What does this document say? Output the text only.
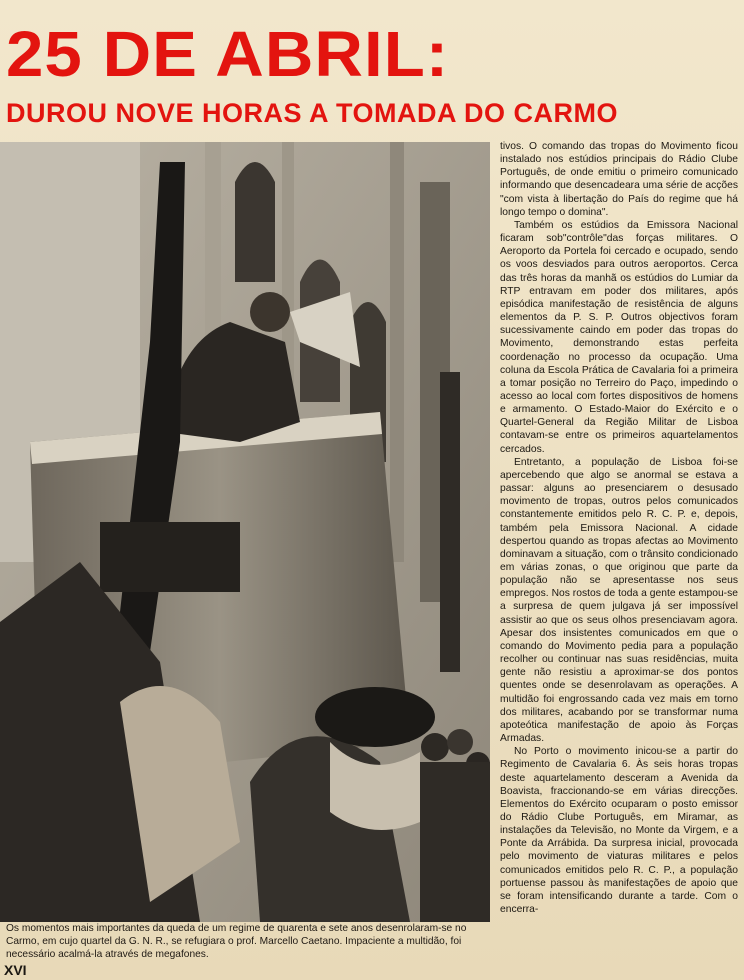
25 DE ABRIL:
DUROU NOVE HORAS A TOMADA DO CARMO

Os momentos mais importantes da queda de um regime de quarenta e sete anos desenrolaram-se no Carmo, em cujo quartel da G. N. R., se refugiara o prof. Marcello Caetano. Impaciente a multidão, foi necessário acalmá-la através de megafones.

XVI

tivos. O comando das tropas do Movimento ficou instalado nos estúdios principais do Rádio Clube Português, de onde emitiu o primeiro comunicado informando que desencadeara uma série de acções "com vista à libertação do País do regime que há longo tempo o domina".

Também os estúdios da Emissora Nacional ficaram sob"contrôle"das forças militares. O Aeroporto da Portela foi cercado e ocupado, sendo os voos desviados para outros aeroportos. Cerca das três horas da manhã os estúdios do Lumiar da RTP entravam em poder dos militares, após episódica manifestação de resistência de alguns elementos da P. S. P. Outros objectivos foram sucessivamente caindo em poder das tropas do Movimento, demonstrando estas perfeita coordenação no processo da ocupação. Uma coluna da Escola Prática de Cavalaria foi a primeira a tomar posição no Terreiro do Paço, impedindo o acesso ao local com fortes dispositivos de homens e armamento. O Estado-Maior do Exército e o Quartel-General da Região Militar de Lisboa contavam-se entre os primeiros aquartelamentos cercados.

Entretanto, a população de Lisboa foi-se apercebendo que algo se anormal se estava a passar: alguns ao presenciarem o desusado movimento de tropas, outros pelos comunicados constantemente emitidos pelo R. C. P. e, depois, também pela Emissora Nacional. A cidade despertou quando as tropas afectas ao Movimento dominavam a situação, com o trânsito condicionado em várias zonas, o que originou que parte da população não se apresentasse nos seus empregos. Nos rostos de toda a gente estampou-se a surpresa de quem julgava já ser impossível assistir ao que os seus olhos presenciavam agora. Apesar dos insistentes comunicados em que o comando do Movimento pedia para a população recolher ou continuar nas suas residências, muita gente não resistiu a aproximar-se dos pontos quentes onde se desenrolavam as operações. A multidão foi engrossando cada vez mais em torno dos militares, acabando por se transformar numa apoteótica manifestação de apoio às Forças Armadas.

No Porto o movimento inicou-se a partir do Regimento de Cavalaria 6. Às seis horas tropas deste aquartelamento desceram a Avenida da Boavista, fraccionando-se em várias direcções. Elementos do Exército ocuparam o posto emissor do Rádio Clube Português, em Miramar, as instalações da Televisão, no Monte da Virgem, e a Ponte da Arrábida. Da surpresa inicial, provocada pelo movimento de viaturas militares e pelos comunicados emitidos pelo R. C. P., a população portuense passou às manifestações de apoio que se foram intensificando durante a tarde. Com o encerra-
